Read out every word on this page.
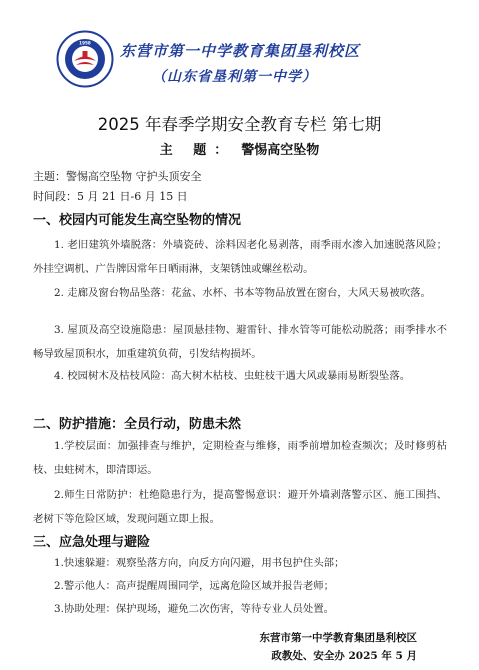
1958 东营市第一中学教育集团垦利校区
（山东省垦利第一中学）
2025 年春季学期安全教育专栏 第七期
主 题： 警惕高空坠物
主题：警惕高空坠物 守护头顶安全
时间段：5 月 21 日-6 月 15 日
一、校园内可能发生高空坠物的情况
1. 老旧建筑外墙脱落：外墙瓷砖、涂料因老化易剥落，雨季雨水渗入加速脱落风险；外挂空调机、广告牌因常年日晒雨淋，支架锈蚀或螺丝松动。
2. 走廊及窗台物品坠落：花盆、水杯、书本等物品放置在窗台，大风天易被吹落。
3. 屋顶及高空设施隐患：屋顶悬挂物、避雷针、排水管等可能松动脱落；雨季排水不畅导致屋顶积水，加重建筑负荷，引发结构损坏。
4. 校园树木及枯枝风险：高大树木枯枝、虫蛀枝干遇大风或暴雨易断裂坠落。
二、防护措施：全员行动，防患未然
1.学校层面：加强排查与维护，定期检查与维修，雨季前增加检查频次；及时修剪枯枝、虫蛀树木，即清即运。
2.师生日常防护：杜绝隐患行为，提高警惕意识：避开外墙剥落警示区、施工围挡、老树下等危险区域，发现问题立即上报。
三、应急处理与避险
1.快速躲避：观察坠落方向，向反方向闪避，用书包护住头部；
2.警示他人：高声提醒周围同学，远离危险区域并报告老师；
3.协助处理：保护现场，避免二次伤害，等待专业人员处置。
东营市第一中学教育集团垦利校区
政教处、安全办 2025 年 5 月
